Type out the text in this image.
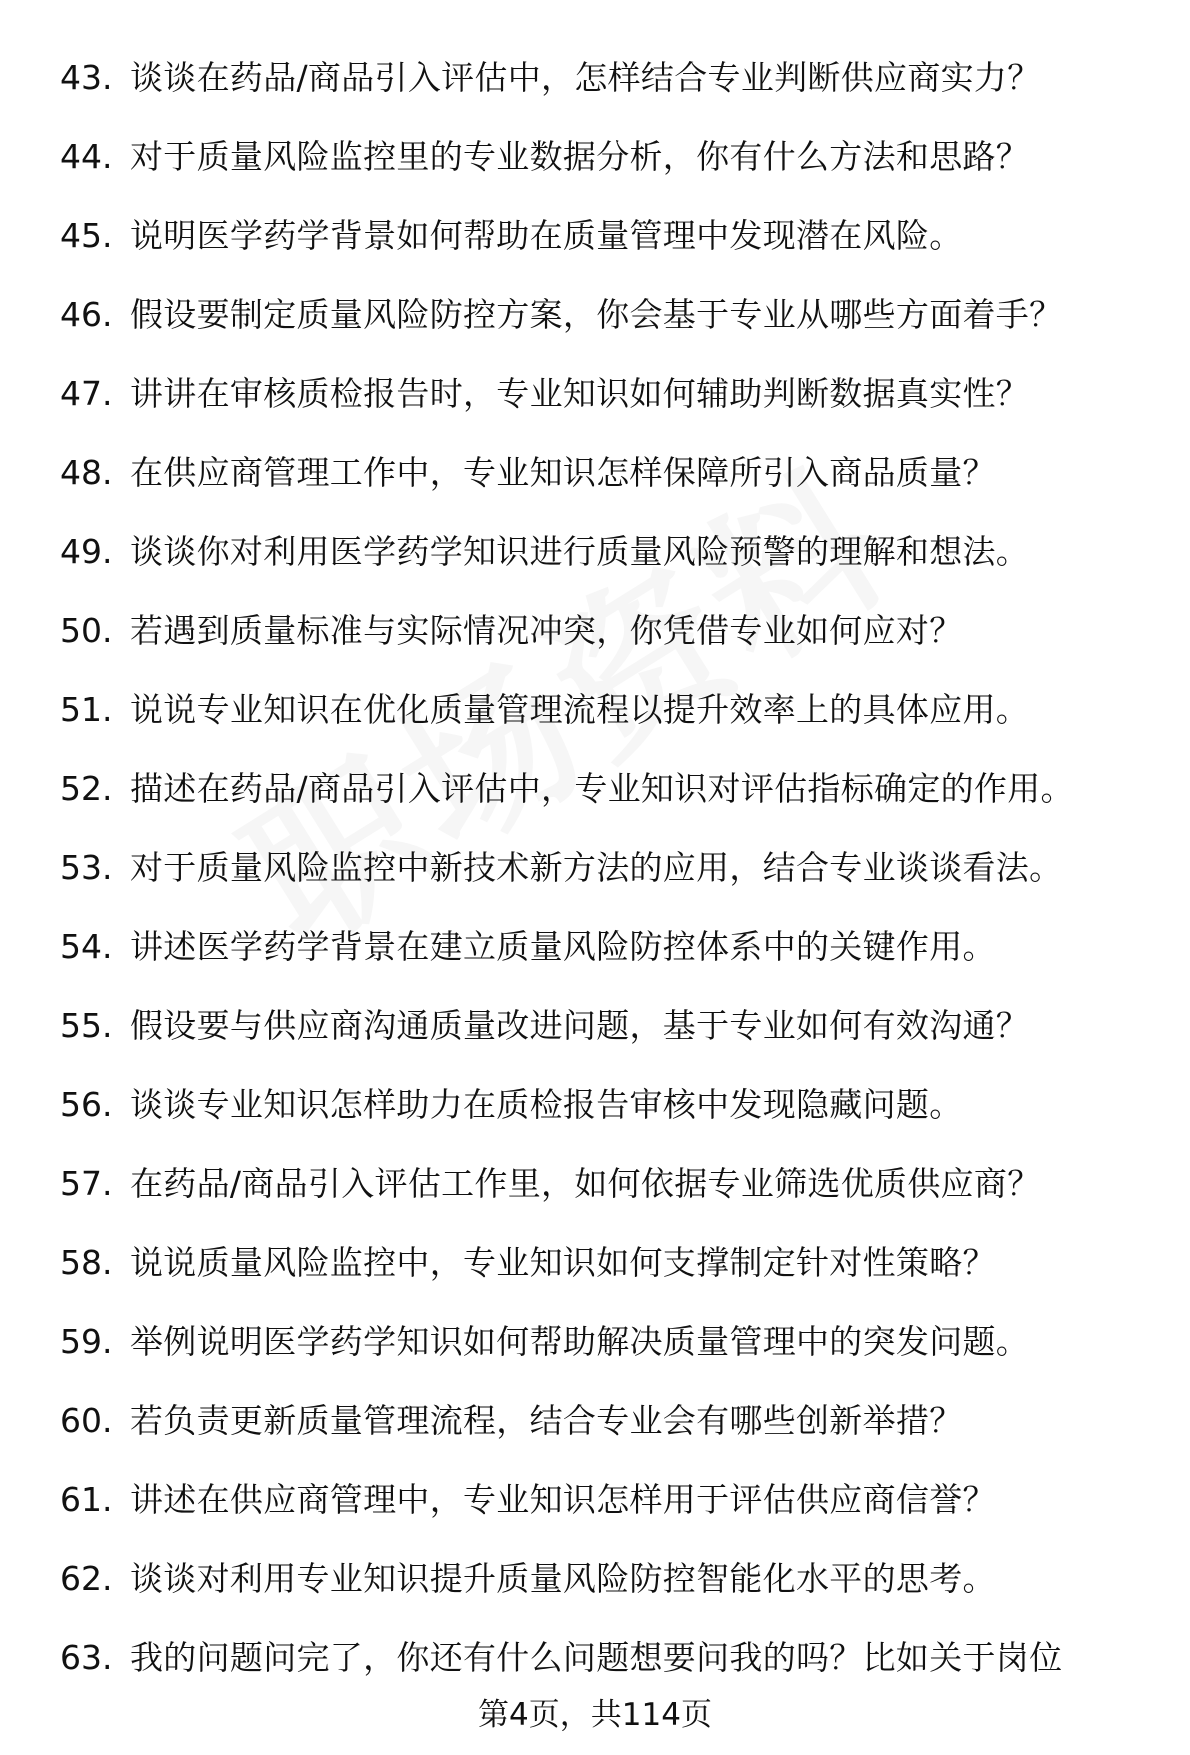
43. 谈谈在药品/商品引入评估中，怎样结合专业判断供应商实力？
44. 对于质量风险监控里的专业数据分析，你有什么方法和思路？
45. 说明医学药学背景如何帮助在质量管理中发现潜在风险。
46. 假设要制定质量风险防控方案，你会基于专业从哪些方面着手？
47. 讲讲在审核质检报告时，专业知识如何辅助判断数据真实性？
48. 在供应商管理工作中，专业知识怎样保障所引入商品质量？
49. 谈谈你对利用医学药学知识进行质量风险预警的理解和想法。
50. 若遇到质量标准与实际情况冲突，你凭借专业如何应对？
51. 说说专业知识在优化质量管理流程以提升效率上的具体应用。
52. 描述在药品/商品引入评估中，专业知识对评估指标确定的作用。
53. 对于质量风险监控中新技术新方法的应用，结合专业谈谈看法。
54. 讲述医学药学背景在建立质量风险防控体系中的关键作用。
55. 假设要与供应商沟通质量改进问题，基于专业如何有效沟通？
56. 谈谈专业知识怎样助力在质检报告审核中发现隐藏问题。
57. 在药品/商品引入评估工作里，如何依据专业筛选优质供应商？
58. 说说质量风险监控中，专业知识如何支撑制定针对性策略？
59. 举例说明医学药学知识如何帮助解决质量管理中的突发问题。
60. 若负责更新质量管理流程，结合专业会有哪些创新举措？
61. 讲述在供应商管理中，专业知识怎样用于评估供应商信誉？
62. 谈谈对利用专业知识提升质量风险防控智能化水平的思考。
63. 我的问题问完了，你还有什么问题想要问我的吗？比如关于岗位
第4页，共114页
